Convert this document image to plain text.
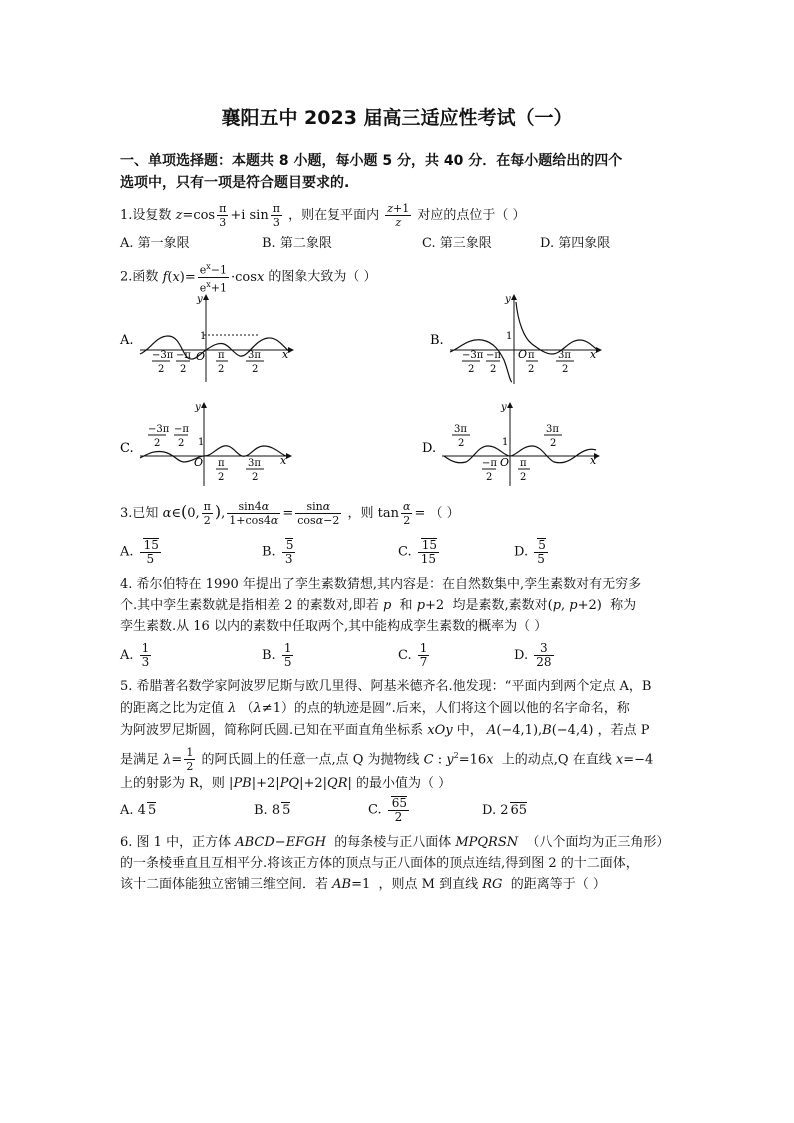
襄阳五中 2023 届高三适应性考试（一）
一、单项选择题：本题共 8 小题，每小题 5 分，共 40 分．在每小题给出的四个
选项中，只有一项是符合题目要求的.
1.设复数 $z=\cos \frac{\pi}{3} +i$ $\sin \frac{\pi}{3}$ ，则在复平面内 $\frac{z+1}{z}$ 对应的点位于（ ）
A. 第一象限	B. 第二象限	C. 第三象限	D. 第四象限
2.函数 $f(x)= \frac{e^x-1}{e^x+1} \cdot\cos x$ 的图象大致为（ ）
A.
y
x
1
O
−3π
2
−π
2
π
2
3π
2
B.
y
x
1
O
−3π
2
−π
2
π
2
3π
2
C.
y
x
1
O
−3π
2
−π
2
π
2
3π
2
D.
y
x
1
O
3π
2
3π
2
−π
2
π
2
3.已知 α∈(0, $\frac{\pi}{2}$ ), $\frac{\sin 4\alpha}{1+\cos 4\alpha} = \frac{\sin\alpha}{\cos\alpha-2}$ ，则 $\tan \frac{\alpha}{2}$ = （ ）
A. $\frac{15}{5}$	B. $\frac{5}{3}$	C. $\frac{15}{15}$	D. $\frac{5}{5}$
4. 希尔伯特在 1990 年提出了孪生素数猜想,其内容是：在自然数集中,孪生素数对有无穷多
个.其中孪生素数就是指相差 2 的素数对,即若 p 和 p+2  均是素数,素数对(p, p+2)  称为
孪生素数.从 16 以内的素数中任取两个,其中能构成孪生素数的概率为（ ）
A. $\frac{1}{3}$	B. $\frac{1}{5}$	C. $\frac{1}{7}$	D. $\frac{3}{28}$
5. 希腊著名数学家阿波罗尼斯与欧几里得、阿基米德齐名.他发现：“平面内到两个定点 A，B
的距离之比为定值 λ （λ≠1）的点的轨迹是圆”.后来，人们将这个圆以他的名字命名，称
为阿波罗尼斯圆，简称阿氏圆.已知在平面直角坐标系 xOy 中， A(−4,1),B(−4,4) ，若点 P
是满足 $\lambda= \frac{1}{2}$ 的阿氏圆上的任意一点,点 Q 为抛物线 C : $y^2=16x$ 上的动点,Q 在直线 x=−4
上的射影为 R，则 |PB|+2|PQ|+2|QR| 的最小值为（ ）
A. 4 5	B. 8 5	C. $\frac{65}{2}$	D. 2 65
6. 图 1 中，正方体 ABCD−EFGH 的每条棱与正八面体 MPQRSN （八个面均为正三角形）
的一条棱垂直且互相平分.将该正方体的顶点与正八面体的顶点连结,得到图 2 的十二面体，
该十二面体能独立密铺三维空间．若 AB=1  ，则点 M 到直线 RG 的距离等于（ ）
